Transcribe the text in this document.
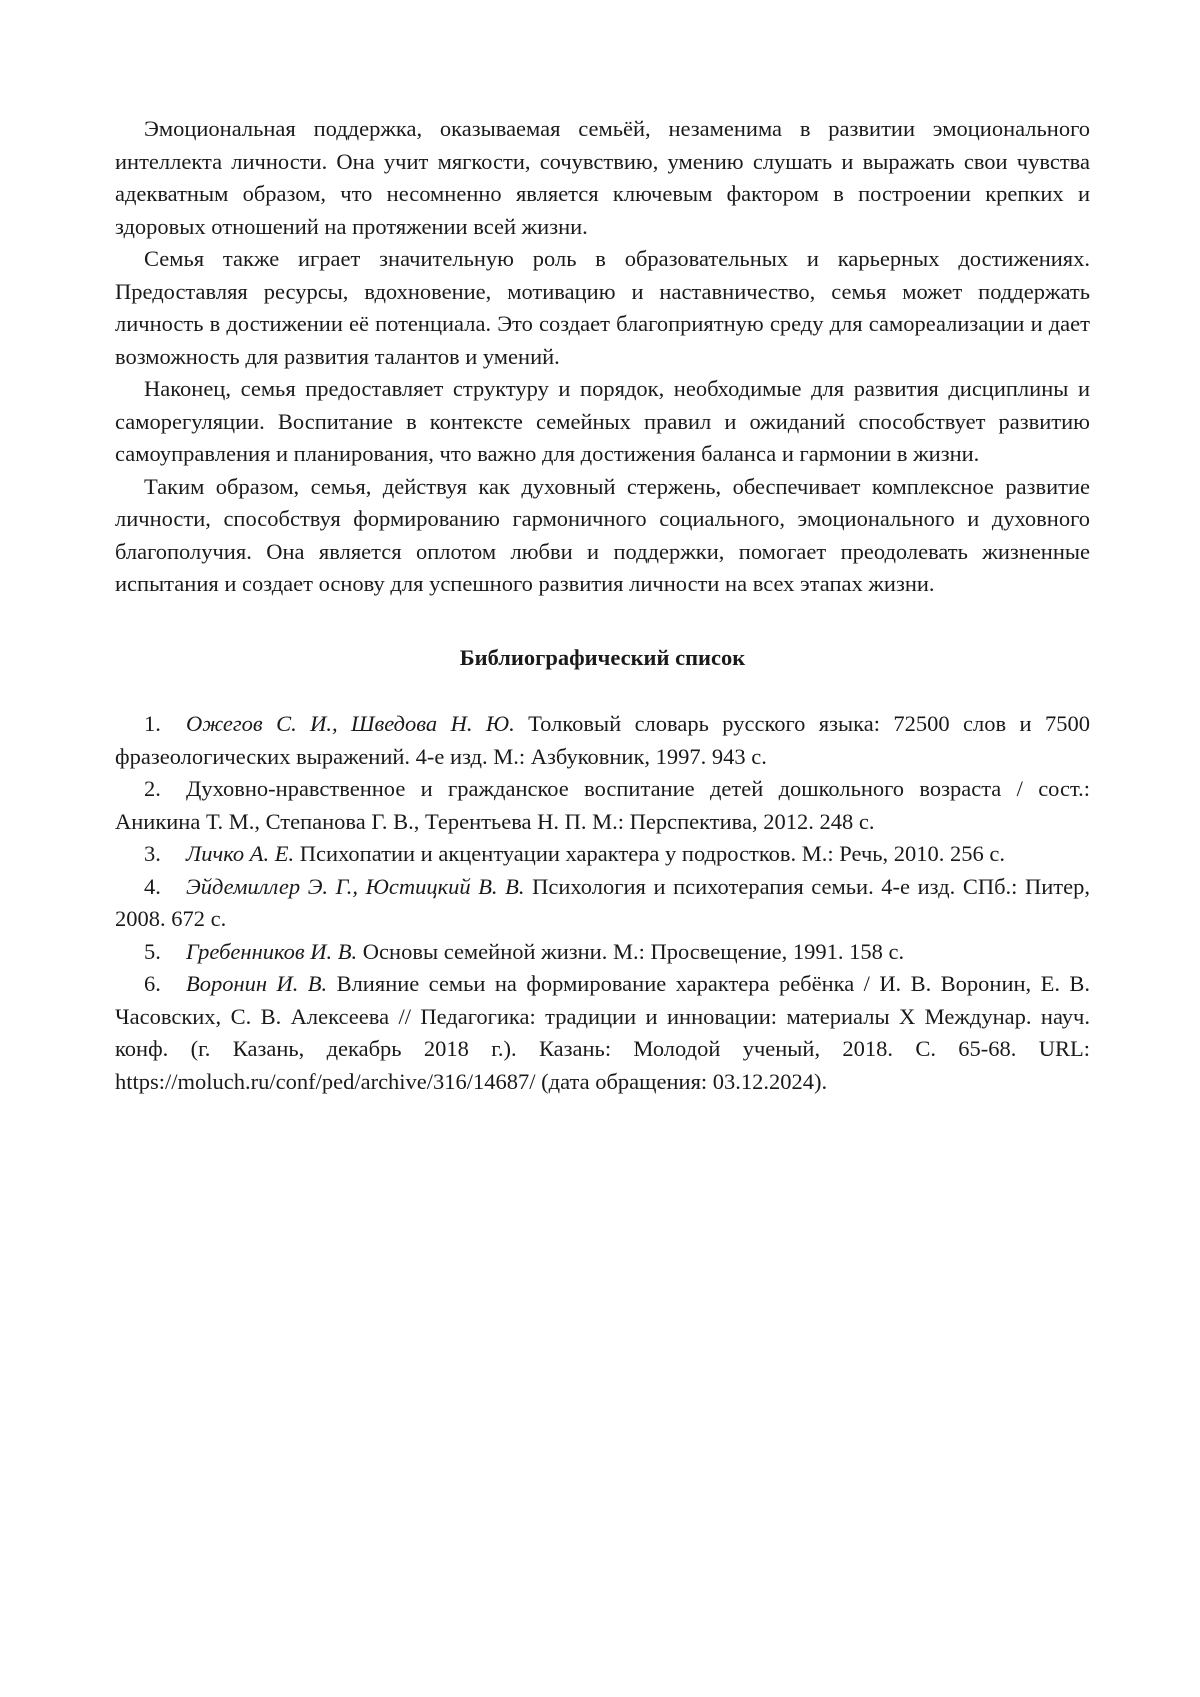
Эмоциональная поддержка, оказываемая семьёй, незаменима в развитии эмоционального интеллекта личности. Она учит мягкости, сочувствию, умению слушать и выражать свои чувства адекватным образом, что несомненно является ключевым фактором в построении крепких и здоровых отношений на протяжении всей жизни.

Семья также играет значительную роль в образовательных и карьерных достижениях. Предоставляя ресурсы, вдохновение, мотивацию и наставничество, семья может поддержать личность в достижении её потенциала. Это создает благоприятную среду для самореализации и дает возможность для развития талантов и умений.

Наконец, семья предоставляет структуру и порядок, необходимые для развития дисциплины и саморегуляции. Воспитание в контексте семейных правил и ожиданий способствует развитию самоуправления и планирования, что важно для достижения баланса и гармонии в жизни.

Таким образом, семья, действуя как духовный стержень, обеспечивает комплексное развитие личности, способствуя формированию гармоничного социального, эмоционального и духовного благополучия. Она является оплотом любви и поддержки, помогает преодолевать жизненные испытания и создает основу для успешного развития личности на всех этапах жизни.

Библиографический список

1. Ожегов С. И., Шведова Н. Ю. Толковый словарь русского языка: 72500 слов и 7500 фразеологических выражений. 4-е изд. М.: Азбуковник, 1997. 943 с.

2. Духовно-нравственное и гражданское воспитание детей дошкольного возраста / сост.: Аникина Т. М., Степанова Г. В., Терентьева Н. П. М.: Перспектива, 2012. 248 с.

3. Личко А. Е. Психопатии и акцентуации характера у подростков. М.: Речь, 2010. 256 с.

4. Эйдемиллер Э. Г., Юстицкий В. В. Психология и психотерапия семьи. 4-е изд. СПб.: Питер, 2008. 672 с.

5. Гребенников И. В. Основы семейной жизни. М.: Просвещение, 1991. 158 с.

6. Воронин И. В. Влияние семьи на формирование характера ребёнка / И. В. Воронин, Е. В. Часовских, С. В. Алексеева // Педагогика: традиции и инновации: материалы X Междунар. науч. конф. (г. Казань, декабрь 2018 г.). Казань: Молодой ученый, 2018. С. 65-68. URL: https://moluch.ru/conf/ped/archive/316/14687/ (дата обращения: 03.12.2024).
